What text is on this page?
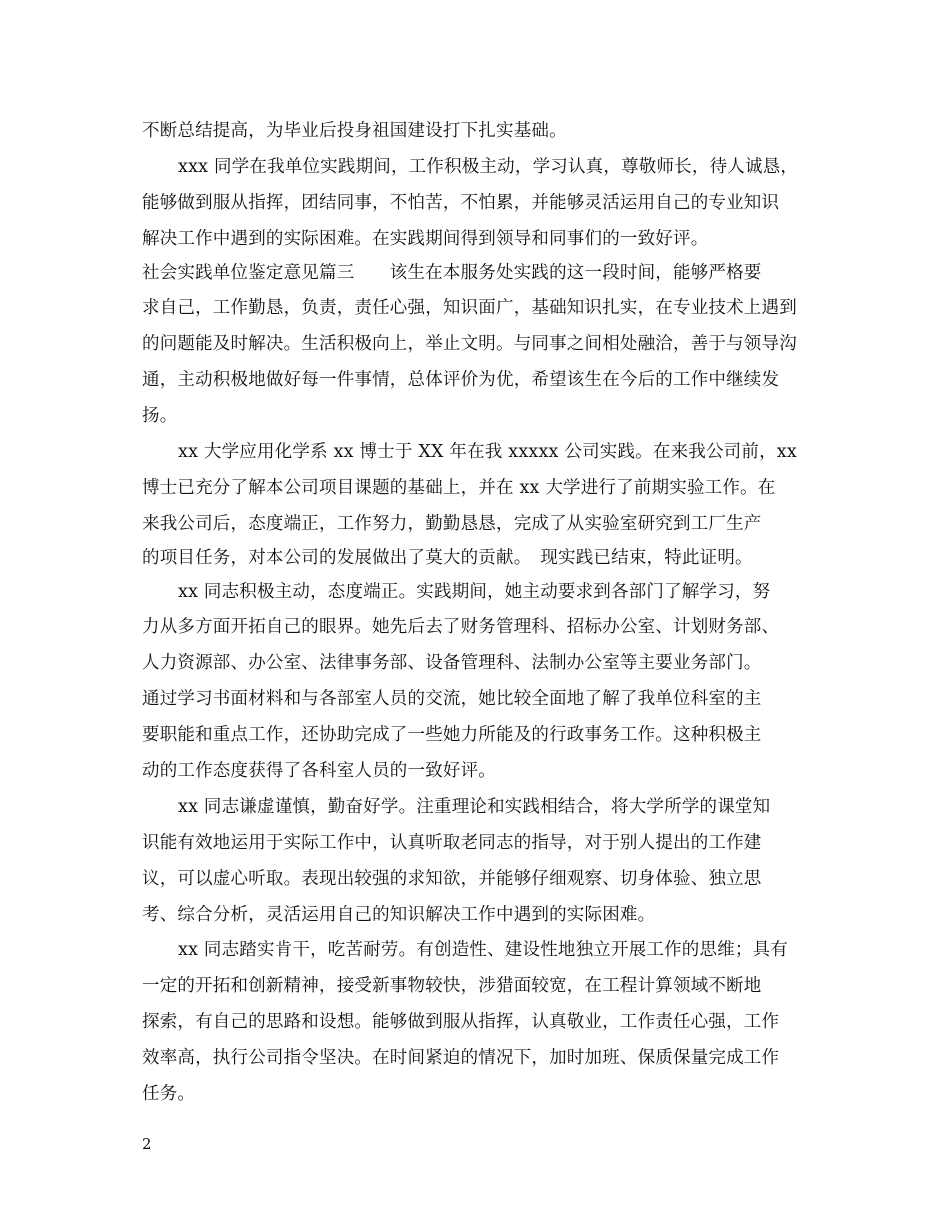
不断总结提高，为毕业后投身祖国建设打下扎实基础。
xxx 同学在我单位实践期间，工作积极主动，学习认真，尊敬师长，待人诚恳，
能够做到服从指挥，团结同事，不怕苦，不怕累，并能够灵活运用自己的专业知识
解决工作中遇到的实际困难。在实践期间得到领导和同事们的一致好评。
社会实践单位鉴定意见篇三　　该生在本服务处实践的这一段时间，能够严格要
求自己，工作勤恳，负责，责任心强，知识面广，基础知识扎实，在专业技术上遇到
的问题能及时解决。生活积极向上，举止文明。与同事之间相处融洽，善于与领导沟
通，主动积极地做好每一件事情，总体评价为优，希望该生在今后的工作中继续发
扬。
xx 大学应用化学系 xx 博士于 XX 年在我 xxxxx 公司实践。在来我公司前，xx
博士已充分了解本公司项目课题的基础上，并在 xx 大学进行了前期实验工作。在
来我公司后，态度端正，工作努力，勤勤恳恳，完成了从实验室研究到工厂生产
的项目任务，对本公司的发展做出了莫大的贡献。　现实践已结束，特此证明。
xx 同志积极主动，态度端正。实践期间，她主动要求到各部门了解学习，努
力从多方面开拓自己的眼界。她先后去了财务管理科、招标办公室、计划财务部、
人力资源部、办公室、法律事务部、设备管理科、法制办公室等主要业务部门。
通过学习书面材料和与各部室人员的交流，她比较全面地了解了我单位科室的主
要职能和重点工作，还协助完成了一些她力所能及的行政事务工作。这种积极主
动的工作态度获得了各科室人员的一致好评。
xx 同志谦虚谨慎，勤奋好学。注重理论和实践相结合，将大学所学的课堂知
识能有效地运用于实际工作中，认真听取老同志的指导，对于别人提出的工作建
议，可以虚心听取。表现出较强的求知欲，并能够仔细观察、切身体验、独立思
考、综合分析，灵活运用自己的知识解决工作中遇到的实际困难。
xx 同志踏实肯干，吃苦耐劳。有创造性、建设性地独立开展工作的思维；具有
一定的开拓和创新精神，接受新事物较快，涉猎面较宽，在工程计算领域不断地
探索，有自己的思路和设想。能够做到服从指挥，认真敬业，工作责任心强，工作
效率高，执行公司指令坚决。在时间紧迫的情况下，加时加班、保质保量完成工作
任务。
2
